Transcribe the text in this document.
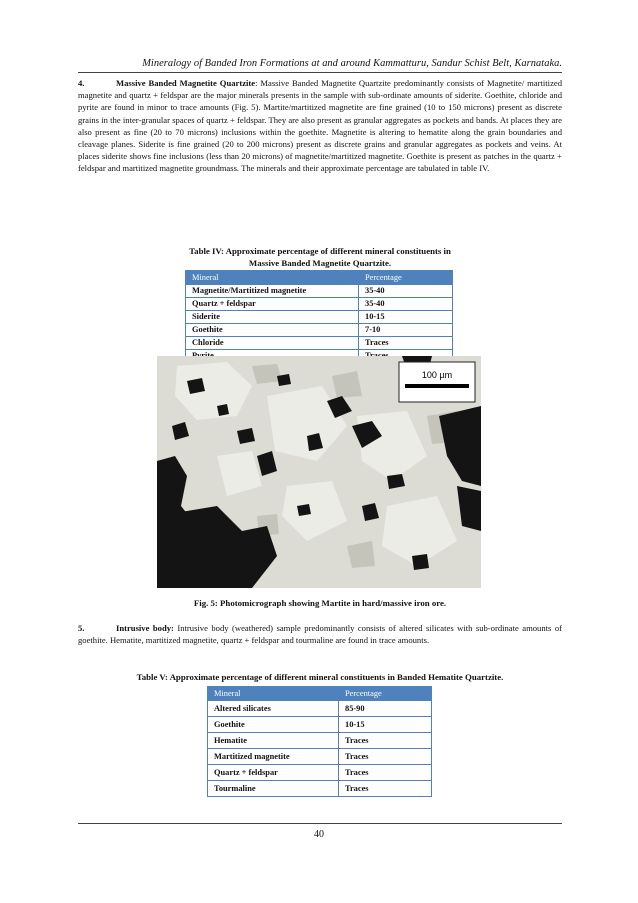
Mineralogy of Banded Iron Formations at and around Kammatturu, Sandur Schist Belt, Karnataka.

4.	Massive Banded Magnetite Quartzite: Massive Banded Magnetite Quartzite predominantly consists of Magnetite/ martitized magnetite and quartz + feldspar are the major minerals presents in the sample with sub-ordinate amounts of siderite. Goethite, chloride and pyrite are found in minor to trace amounts (Fig. 5). Martite/martitized magnetite are fine grained (10 to 150 microns) present as discrete grains in the inter-granular spaces of quartz + feldspar. They are also present as granular aggregates as pockets and bands. At places they are also present as fine (20 to 70 microns) inclusions within the goethite. Magnetite is altering to hematite along the grain boundaries and cleavage planes. Siderite is fine grained (20 to 200 microns) present as discrete grains and granular aggregates as pockets and veins. At places siderite shows fine inclusions (less than 20 microns) of magnetite/martitized magnetite. Goethite is present as patches in the quartz + feldspar and martitized magnetite groundmass. The minerals and their approximate percentage are tabulated in table IV.

Table IV: Approximate percentage of different mineral constituents in
Massive Banded Magnetite Quartzite.
Mineral	Percentage
Magnetite/Martitized magnetite	35-40
Quartz + feldspar	35-40
Siderite	10-15
Goethite	7-10
Chloride	Traces

100 µm
Fig. 5: Photomicrograph showing Martite in hard/massive iron ore.

5.	Intrusive body: Intrusive body (weathered) sample predominantly consists of altered silicates with sub-ordinate amounts of goethite. Hematite, martitized magnetite, quartz + feldspar and tourmaline are found in trace amounts.

Table V: Approximate percentage of different mineral constituents in Banded Hematite Quartzite.
Mineral	Percentage
Altered silicates	85-90
Goethite	10-15
Hematite	Traces
Martitized magnetite	Traces
Quartz + feldspar	Traces
Tourmaline	Traces
40
